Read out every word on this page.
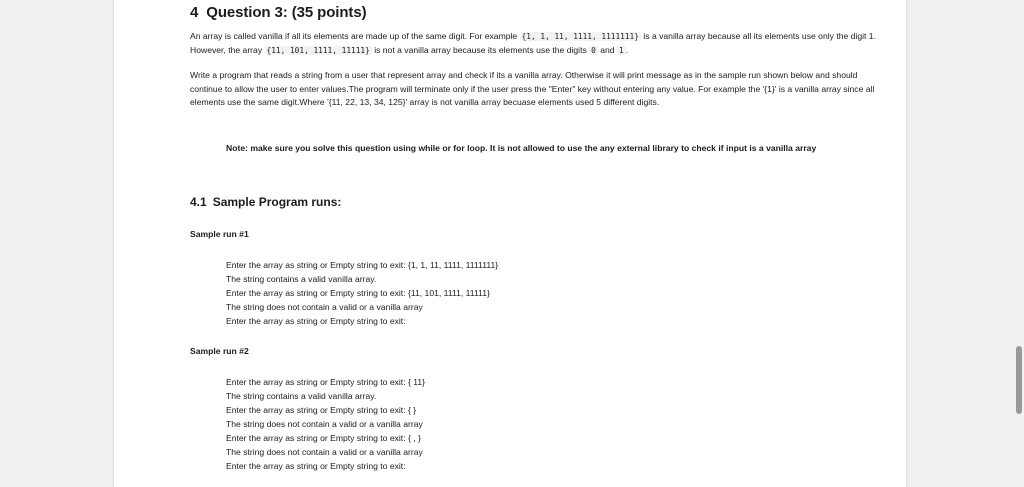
4 Question 3: (35 points)
An array is called vanilla if all its elements are made up of the same digit. For example {1, 1, 11, 1111, 1111111} is a vanilla array because all its elements use only the digit 1. However, the array {11, 101, 1111, 11111} is not a vanilla array because its elements use the digits 0 and 1 .
Write a program that reads a string from a user that represent array and check if its a vanilla array. Otherwise it will print message as in the sample run shown below and should continue to allow the user to enter values.The program will terminate only if the user press the "Enter" key without entering any value. For example the '{1}' is a vanilla array since all elements use the same digit.Where '{11, 22, 13, 34, 125}' array is not vanilla array becuase elements used 5 different digits.
Note: make sure you solve this question using while or for loop. It is not allowed to use the any external library to check if input is a vanilla array
4.1 Sample Program runs:
Sample run #1
Enter the array as string or Empty string to exit: {1, 1, 11, 1111, 1111111}
The string contains a valid vanilla array.
Enter the array as string or Empty string to exit: {11, 101, 1111, 11111}
The string does not contain a valid or a vanilla array
Enter the array as string or Empty string to exit:
Sample run #2
Enter the array as string or Empty string to exit: { 11}
The string contains a valid vanilla array.
Enter the array as string or Empty string to exit: { }
The string does not contain a valid or a vanilla array
Enter the array as string or Empty string to exit: { , }
The string does not contain a valid or a vanilla array
Enter the array as string or Empty string to exit:
